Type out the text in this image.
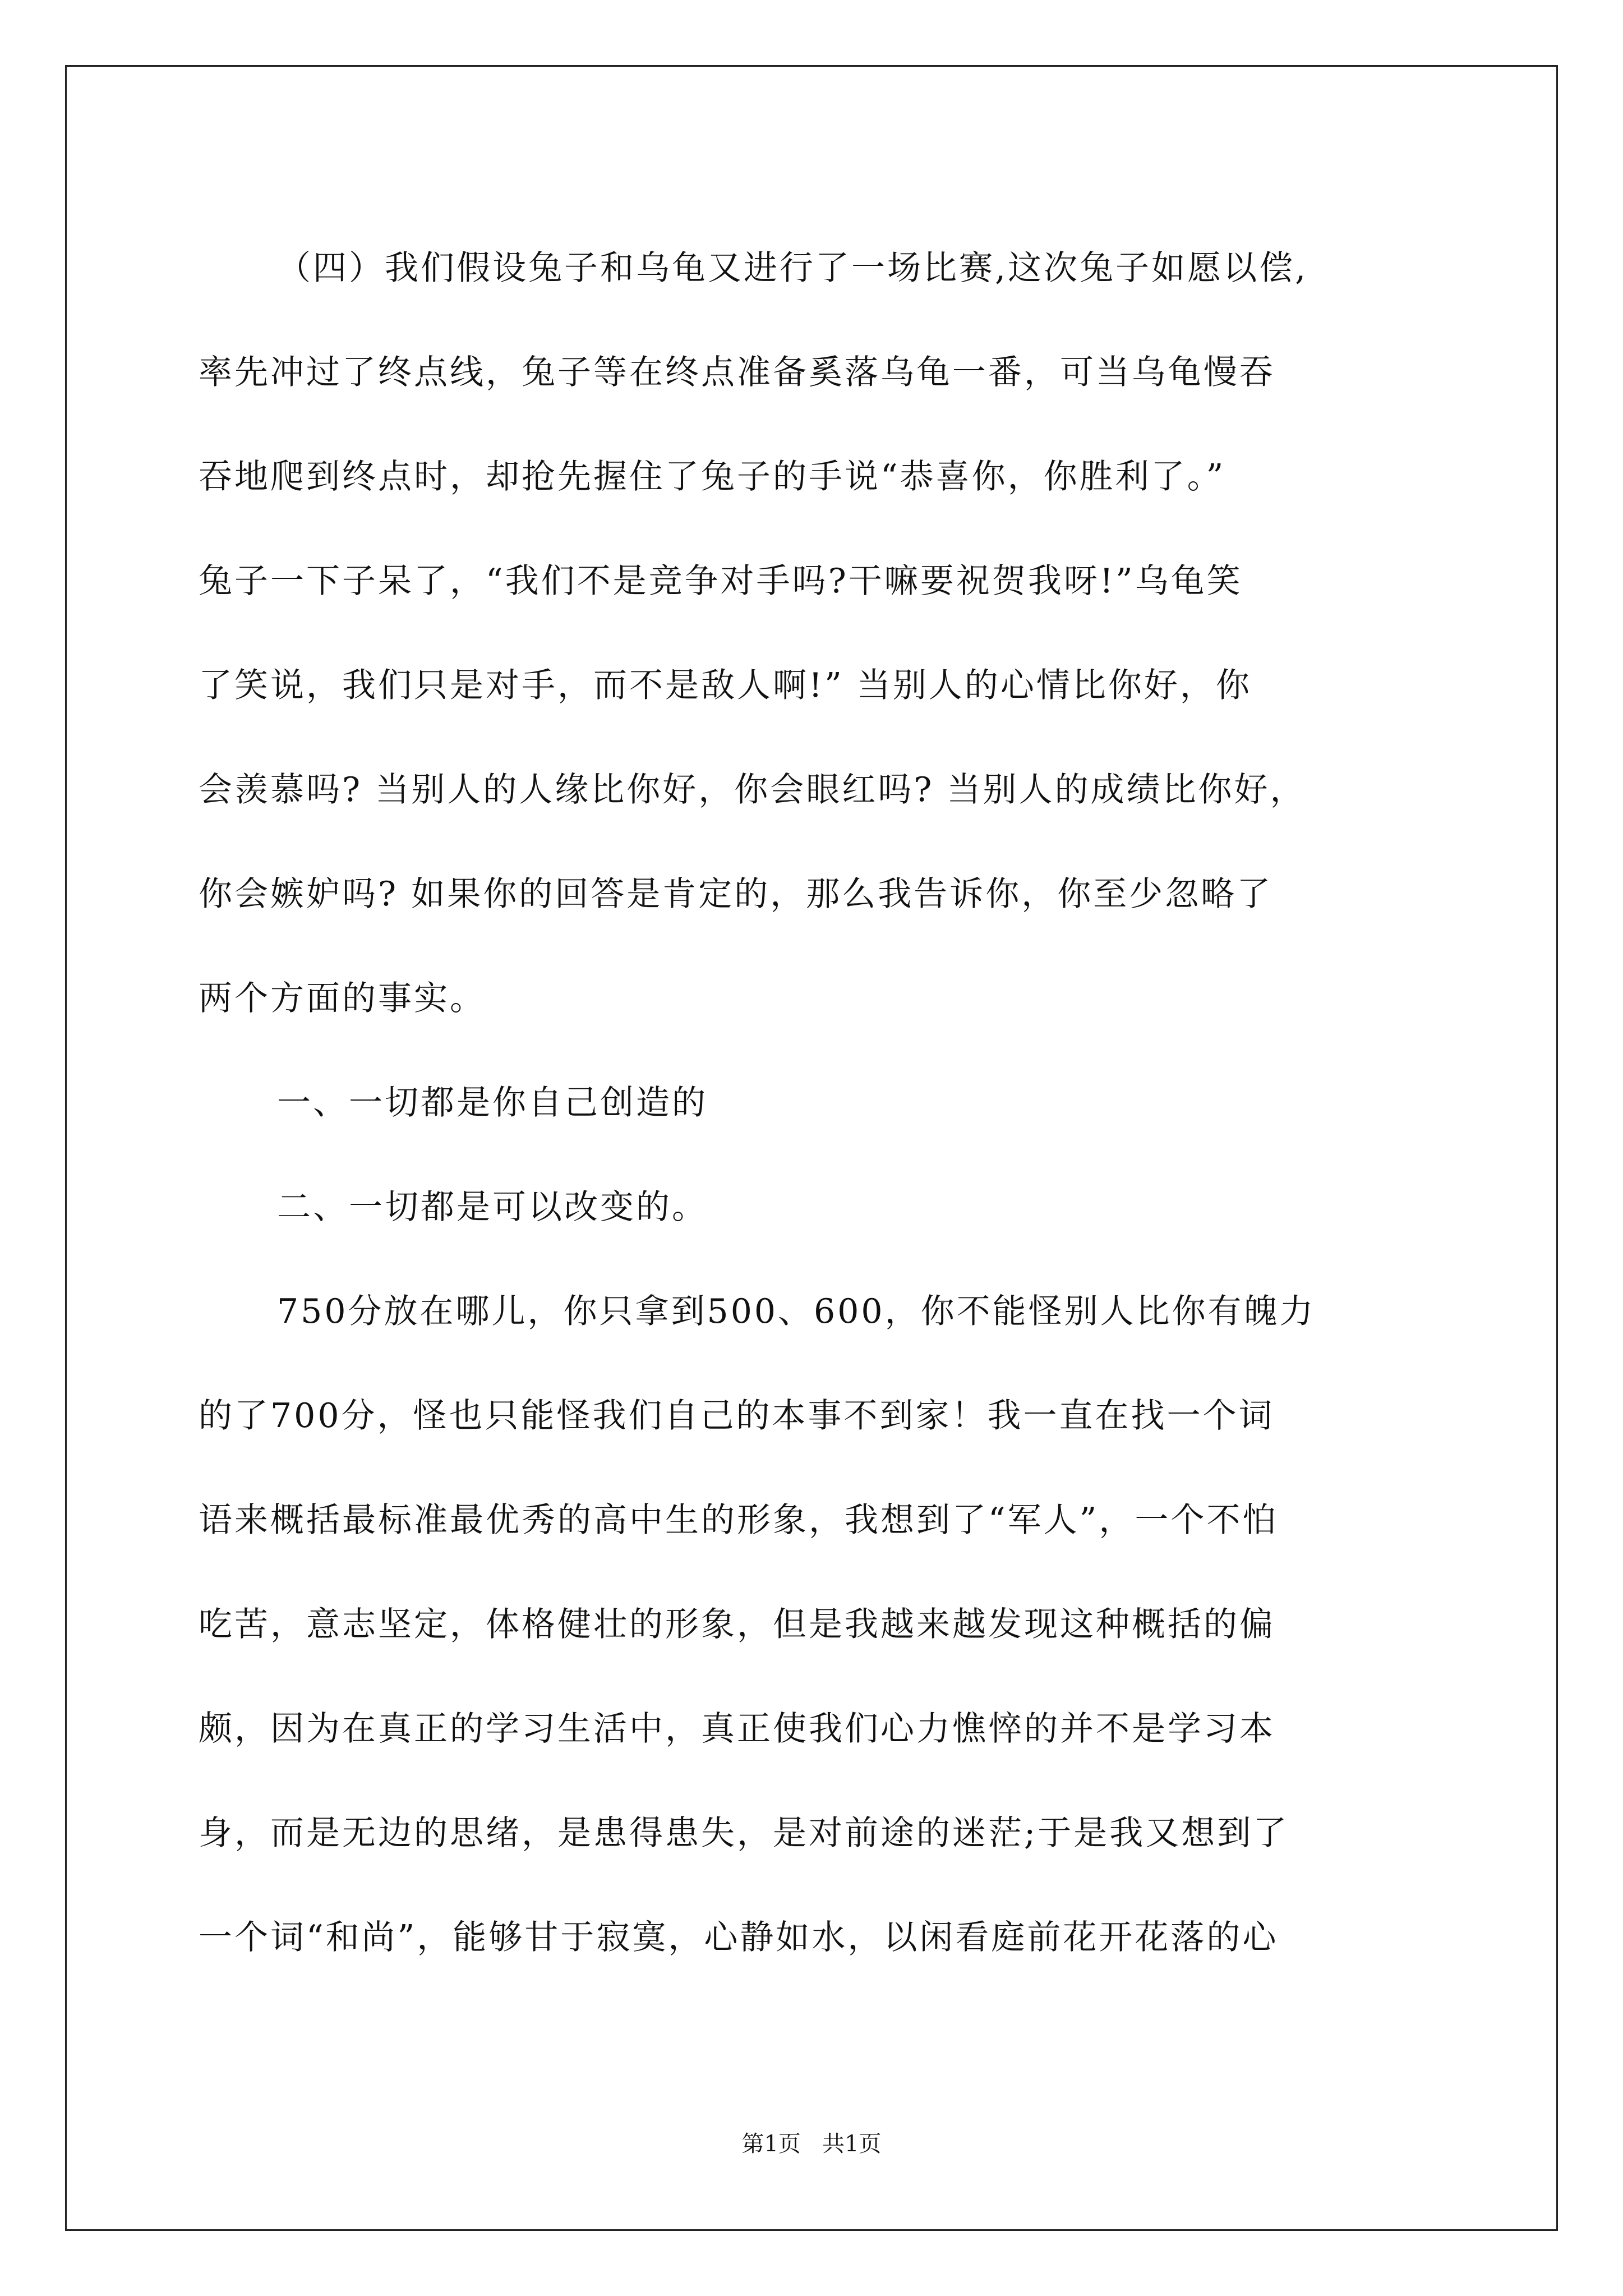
（四）我们假设兔子和乌龟又进行了一场比赛,这次兔子如愿以偿,
率先冲过了终点线，兔子等在终点准备奚落乌龟一番，可当乌龟慢吞
吞地爬到终点时，却抢先握住了兔子的手说“恭喜你，你胜利了。”
兔子一下子呆了，“我们不是竞争对手吗?干嘛要祝贺我呀!”乌龟笑
了笑说，我们只是对手，而不是敌人啊!” 当别人的心情比你好，你
会羡慕吗? 当别人的人缘比你好，你会眼红吗? 当别人的成绩比你好，
你会嫉妒吗? 如果你的回答是肯定的，那么我告诉你，你至少忽略了
两个方面的事实。
一、一切都是你自己创造的
二、一切都是可以改变的。
750分放在哪儿，你只拿到500、600，你不能怪别人比你有魄力
的了700分，怪也只能怪我们自己的本事不到家！我一直在找一个词
语来概括最标准最优秀的高中生的形象，我想到了“军人”，一个不怕
吃苦，意志坚定，体格健壮的形象，但是我越来越发现这种概括的偏
颇，因为在真正的学习生活中，真正使我们心力憔悴的并不是学习本
身，而是无边的思绪，是患得患失，是对前途的迷茫;于是我又想到了
一个词“和尚”，能够甘于寂寞，心静如水，以闲看庭前花开花落的心
第1页   共1页
